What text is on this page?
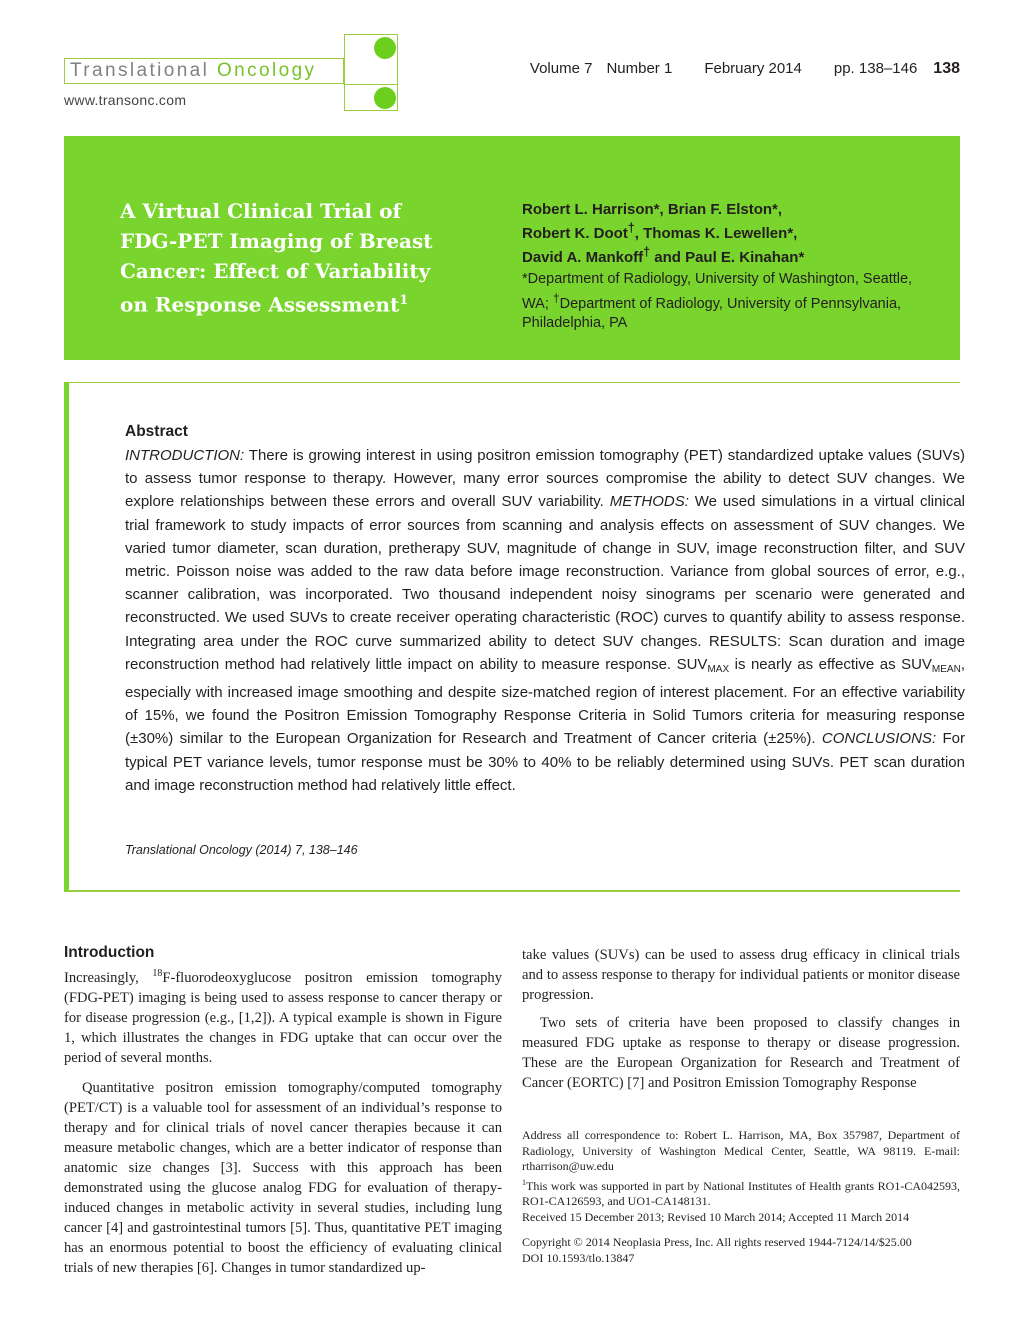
Translational Oncology
www.transonc.com
Volume 7 Number 1 February 2014 pp. 138–146 138
A Virtual Clinical Trial of FDG-PET Imaging of Breast Cancer: Effect of Variability on Response Assessment$^1$
Robert L. Harrison*, Brian F. Elston*,
Robert K. Doot†, Thomas K. Lewellen*,
David A. Mankoff† and Paul E. Kinahan*
*Department of Radiology, University of Washington, Seattle, WA; †Department of Radiology, University of Pennsylvania, Philadelphia, PA
Abstract
INTRODUCTION: There is growing interest in using positron emission tomography (PET) standardized uptake values (SUVs) to assess tumor response to therapy. However, many error sources compromise the ability to detect SUV changes. We explore relationships between these errors and overall SUV variability. METHODS: We used simulations in a virtual clinical trial framework to study impacts of error sources from scanning and analysis effects on assessment of SUV changes. We varied tumor diameter, scan duration, pretherapy SUV, magnitude of change in SUV, image reconstruction filter, and SUV metric. Poisson noise was added to the raw data before image reconstruction. Variance from global sources of error, e.g., scanner calibration, was incorporated. Two thousand independent noisy sinograms per scenario were generated and reconstructed. We used SUVs to create receiver operating characteristic (ROC) curves to quantify ability to assess response. Integrating area under the ROC curve summarized ability to detect SUV changes. RESULTS: Scan duration and image reconstruction method had relatively little impact on ability to measure response. $SUV_{MAX}$ is nearly as effective as $SUV_{MEAN}$, especially with increased image smoothing and despite size-matched region of interest placement. For an effective variability of 15%, we found the Positron Emission Tomography Response Criteria in Solid Tumors criteria for measuring response (±30%) similar to the European Organization for Research and Treatment of Cancer criteria (±25%). CONCLUSIONS: For typical PET variance levels, tumor response must be 30% to 40% to be reliably determined using SUVs. PET scan duration and image reconstruction method had relatively little effect.
Translational Oncology (2014) 7, 138–146
Introduction

Increasingly, $^{18}$F-fluorodeoxyglucose positron emission tomography (FDG-PET) imaging is being used to assess response to cancer therapy or for disease progression (e.g., [1,2]). A typical example is shown in Figure 1, which illustrates the changes in FDG uptake that can occur over the period of several months.

Quantitative positron emission tomography/computed tomography (PET/CT) is a valuable tool for assessment of an individual’s response to therapy and for clinical trials of novel cancer therapies because it can measure metabolic changes, which are a better indicator of response than anatomic size changes [3]. Success with this approach has been demonstrated using the glucose analog FDG for evaluation of therapy-induced changes in metabolic activity in several studies, including lung cancer [4] and gastrointestinal tumors [5]. Thus, quantitative PET imaging has an enormous potential to boost the efficiency of evaluating clinical trials of new therapies [6]. Changes in tumor standardized up-

take values (SUVs) can be used to assess drug efficacy in clinical trials and to assess response to therapy for individual patients or monitor disease progression.

Two sets of criteria have been proposed to classify changes in measured FDG uptake as response to therapy or disease progression. These are the European Organization for Research and Treatment of Cancer (EORTC) [7] and Positron Emission Tomography Response

Address all correspondence to: Robert L. Harrison, MA, Box 357987, Department of Radiology, University of Washington Medical Center, Seattle, WA 98119. E-mail: rtharrison@uw.edu

$^1$This work was supported in part by National Institutes of Health grants RO1-CA042593, RO1-CA126593, and UO1-CA148131.

Received 15 December 2013; Revised 10 March 2014; Accepted 11 March 2014

Copyright © 2014 Neoplasia Press, Inc. All rights reserved 1944-7124/14/$25.00

DOI 10.1593/tlo.13847
